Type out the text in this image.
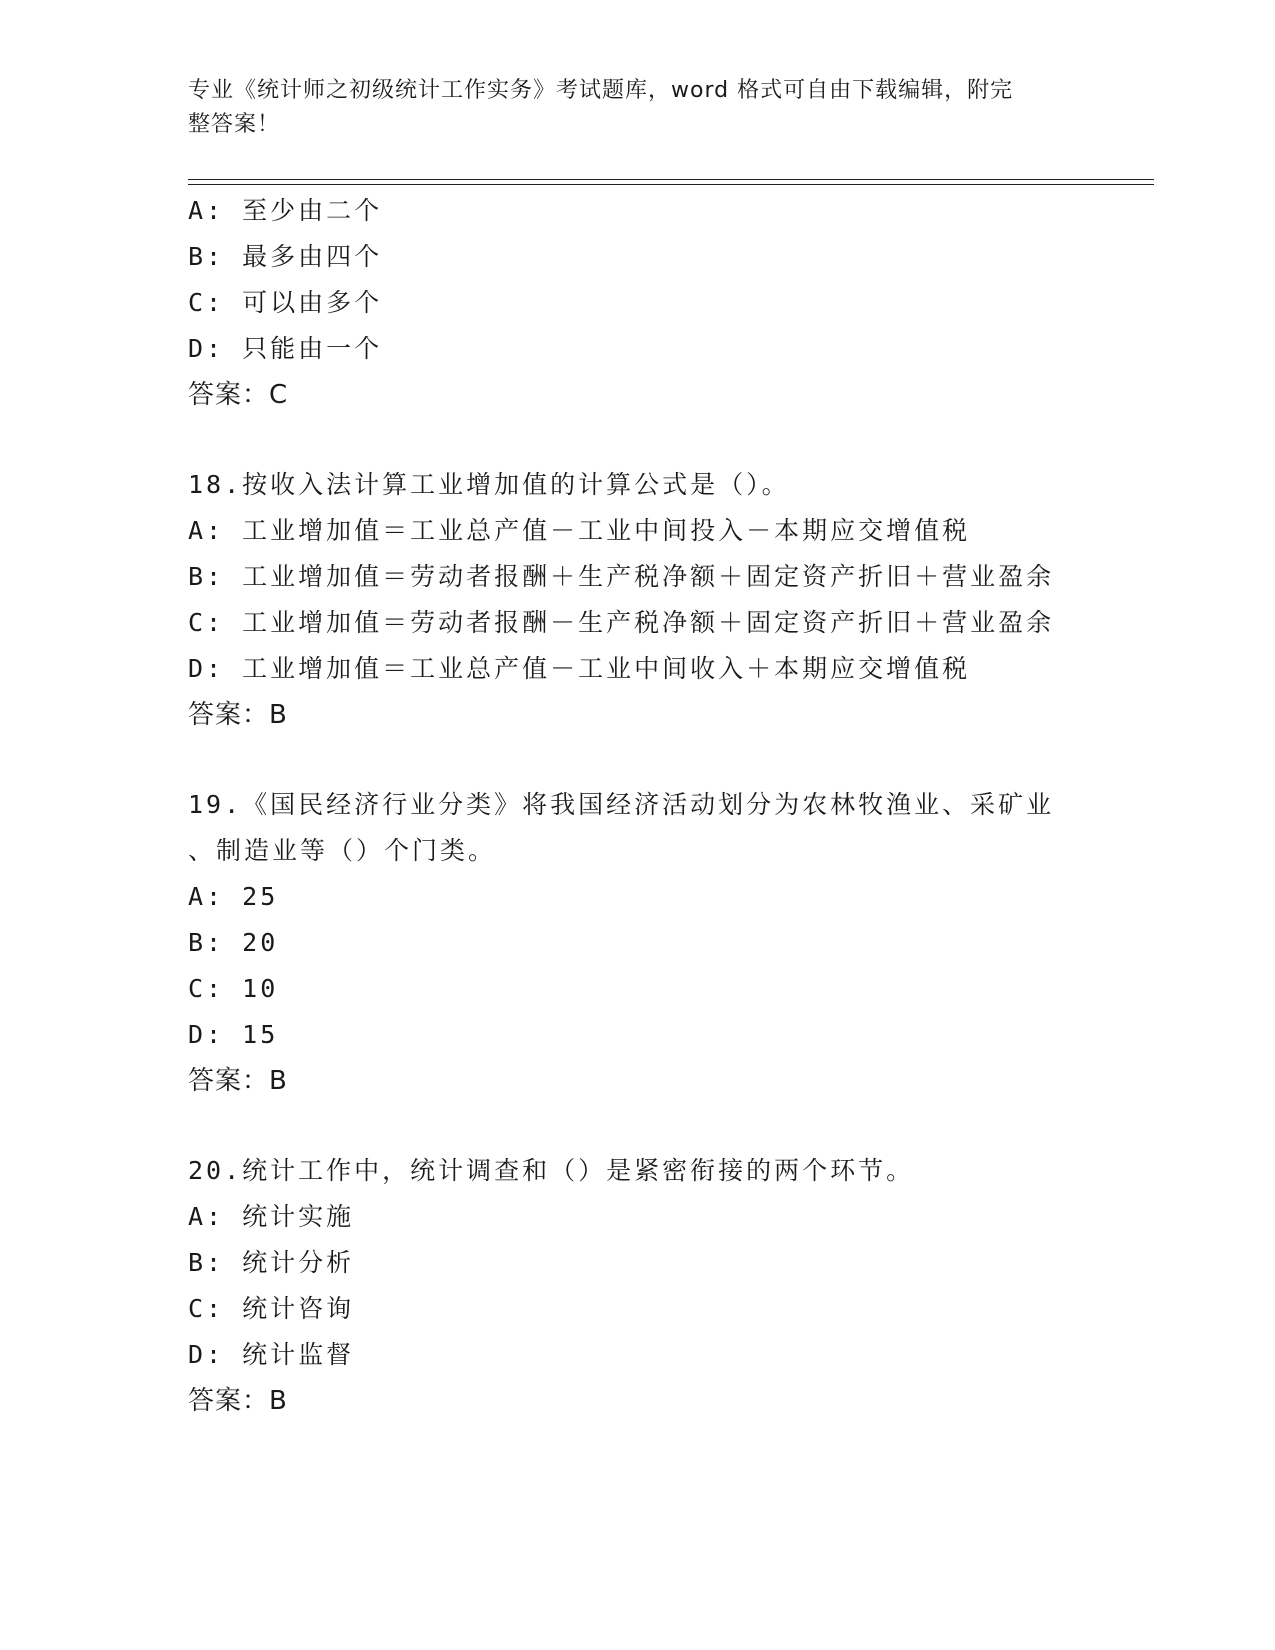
专业《统计师之初级统计工作实务》考试题库，word 格式可自由下载编辑，附完
整答案！
A: 至少由二个
B: 最多由四个
C: 可以由多个
D: 只能由一个
答案：C
18.按收入法计算工业增加值的计算公式是（）。
A: 工业增加值＝工业总产值－工业中间投入－本期应交增值税
B: 工业增加值＝劳动者报酬＋生产税净额＋固定资产折旧＋营业盈余
C: 工业增加值＝劳动者报酬－生产税净额＋固定资产折旧＋营业盈余
D: 工业增加值＝工业总产值－工业中间收入＋本期应交增值税
答案：B
19.《国民经济行业分类》将我国经济活动划分为农林牧渔业、采矿业
、制造业等（）个门类。
A: 25
B: 20
C: 10
D: 15
答案：B
20.统计工作中，统计调查和（）是紧密衔接的两个环节。
A: 统计实施
B: 统计分析
C: 统计咨询
D: 统计监督
答案：B
